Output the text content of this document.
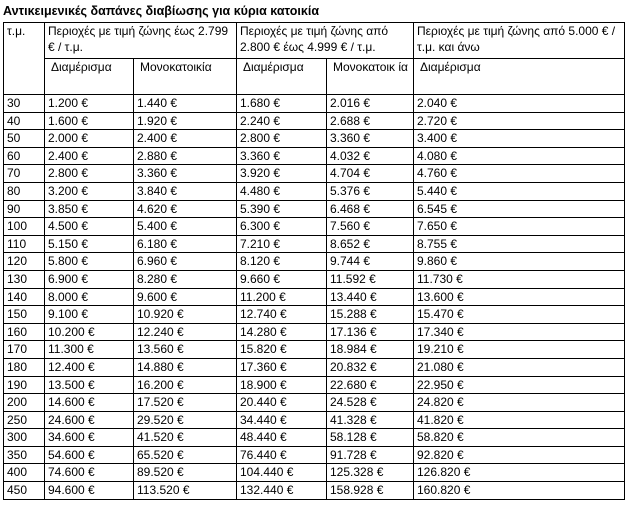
Αντικειμενικές δαπάνες διαβίωσης για κύρια κατοικία
τ.μ.	Περιοχές με τιμή ζώνης έως 2.799 € / τ.μ.		Περιοχές με τιμή ζώνης από 2.800 € έως 4.999 € / τ.μ.		Περιοχές με τιμή ζώνης από 5.000 € / τ.μ. και άνω
	Διαμέρισμα	Μονοκατοικία	Διαμέρισμα	Μονοκατοικ ία	Διαμέρισμα
30	1.200 €	1.440 €	1.680 €	2.016 €	2.040 €
40	1.600 €	1.920 €	2.240 €	2.688 €	2.720 €
50	2.000 €	2.400 €	2.800 €	3.360 €	3.400 €
60	2.400 €	2.880 €	3.360 €	4.032 €	4.080 €
70	2.800 €	3.360 €	3.920 €	4.704 €	4.760 €
80	3.200 €	3.840 €	4.480 €	5.376 €	5.440 €
90	3.850 €	4.620 €	5.390 €	6.468 €	6.545 €
100	4.500 €	5.400 €	6.300 €	7.560 €	7.650 €
110	5.150 €	6.180 €	7.210 €	8.652 €	8.755 €
120	5.800 €	6.960 €	8.120 €	9.744 €	9.860 €
130	6.900 €	8.280 €	9.660 €	11.592 €	11.730 €
140	8.000 €	9.600 €	11.200 €	13.440 €	13.600 €
150	9.100 €	10.920 €	12.740 €	15.288 €	15.470 €
160	10.200 €	12.240 €	14.280 €	17.136 €	17.340 €
170	11.300 €	13.560 €	15.820 €	18.984 €	19.210 €
180	12.400 €	14.880 €	17.360 €	20.832 €	21.080 €
190	13.500 €	16.200 €	18.900 €	22.680 €	22.950 €
200	14.600 €	17.520 €	20.440 €	24.528 €	24.820 €
250	24.600 €	29.520 €	34.440 €	41.328 €	41.820 €
300	34.600 €	41.520 €	48.440 €	58.128 €	58.820 €
350	54.600 €	65.520 €	76.440 €	91.728 €	92.820 €
400	74.600 €	89.520 €	104.440 €	125.328 €	126.820 €
450	94.600 €	113.520 €	132.440 €	158.928 €	160.820 €
